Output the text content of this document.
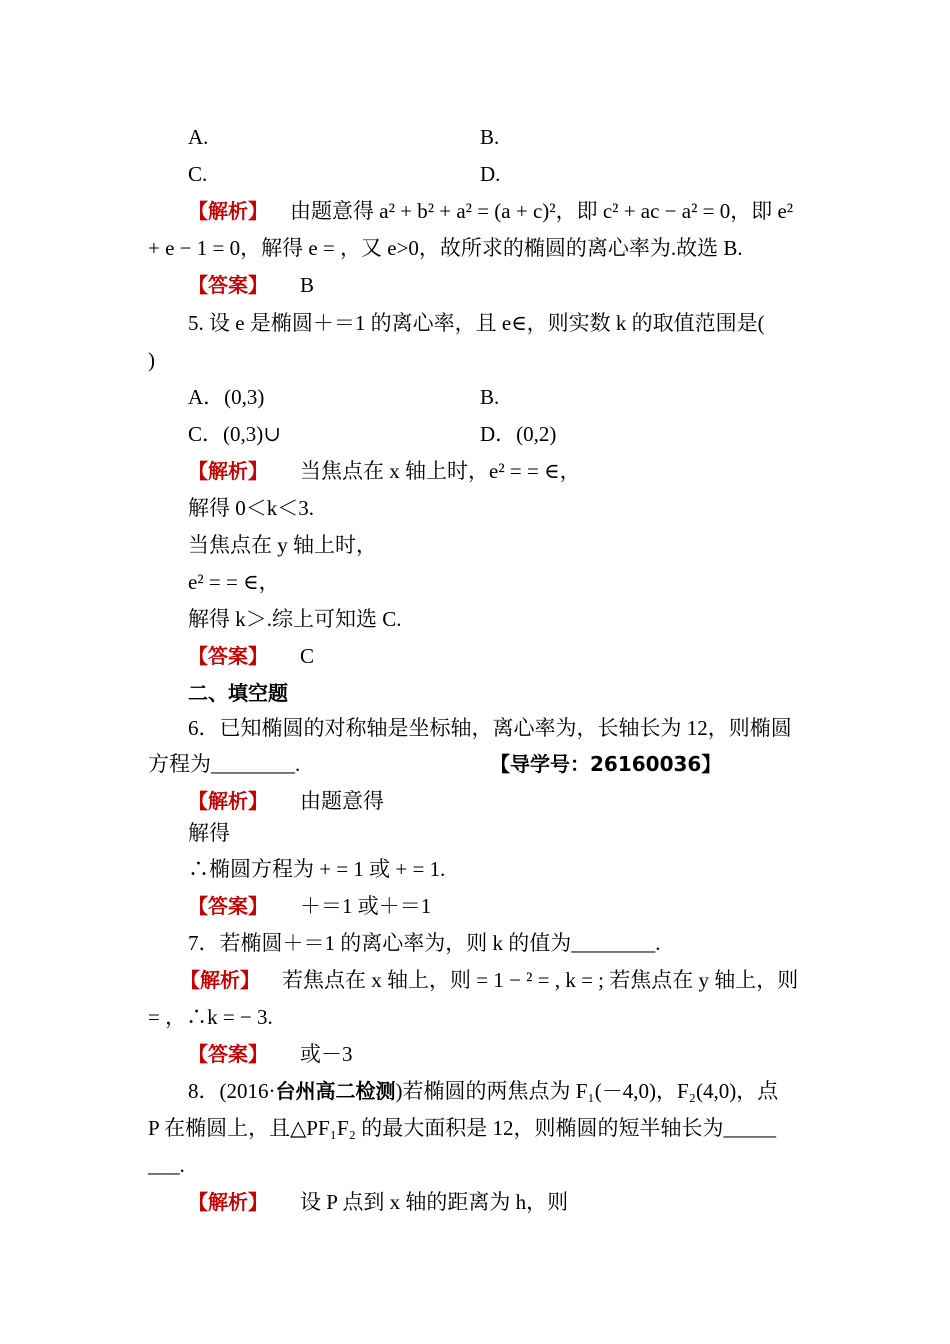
A.	B.
C.	D.
【解析】 由题意得 a² + b² + a² = (a + c)²，即 c² + ac − a² = 0，即 e²
+ e − 1 = 0，解得 e = ，又 e>0，故所求的椭圆的离心率为.故选 B.
【答案】 B
5. 设 e 是椭圆＋＝1 的离心率，且 e∈，则实数 k 的取值范围是(
)
A．(0,3)	B.
C．(0,3)∪	D．(0,2)
【解析】 当焦点在 x 轴上时，e² = = ∈，
解得 0＜k＜3.
当焦点在 y 轴上时，
e² = = ∈，
解得 k＞.综上可知选 C.
【答案】 C
二、填空题
6．已知椭圆的对称轴是坐标轴，离心率为，长轴长为 12，则椭圆
方程为________.	【导学号：26160036】
【解析】 由题意得
解得
∴椭圆方程为 + = 1 或 + = 1.
【答案】 ＋＝1 或＋＝1
7．若椭圆＋＝1 的离心率为，则 k 的值为________.
【解析】 若焦点在 x 轴上，则 = 1 − ² = , k = ; 若焦点在 y 轴上，则
= ，∴k = − 3.
【答案】 或－3
8．(2016·台州高二检测)若椭圆的两焦点为 F₁(－4,0)，F₂(4,0)，点
P 在椭圆上，且△PF₁F₂ 的最大面积是 12，则椭圆的短半轴长为_____
___.
【解析】 设 P 点到 x 轴的距离为 h，则
